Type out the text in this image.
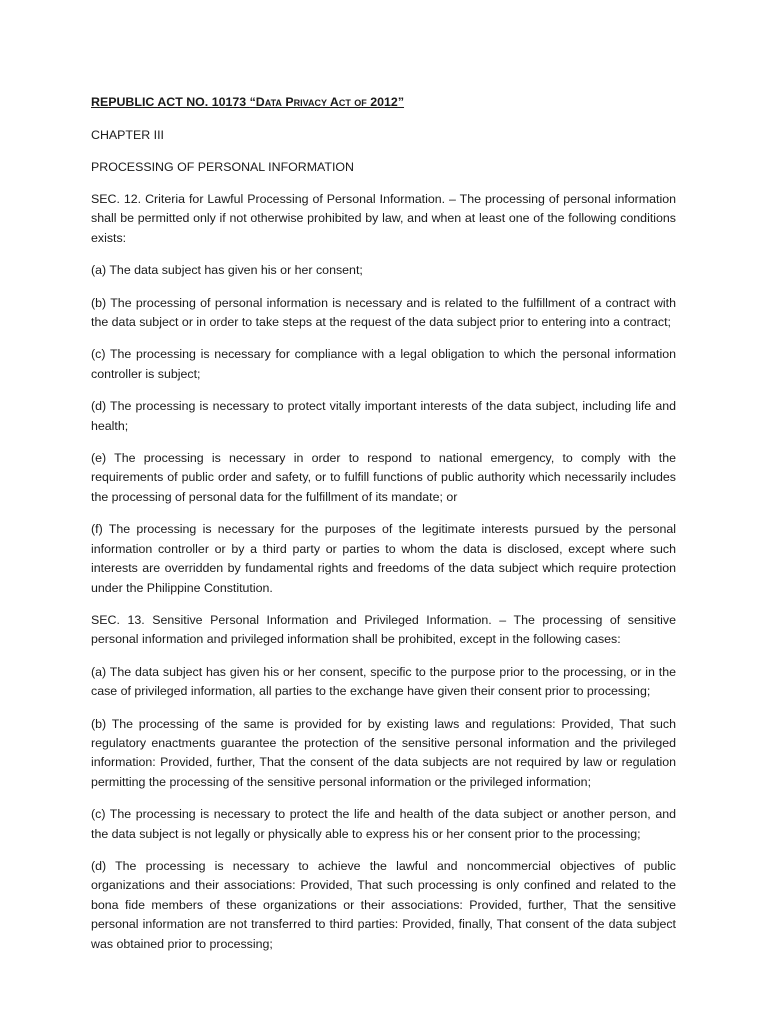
REPUBLIC ACT NO. 10173 “Data Privacy Act of 2012”

CHAPTER III

PROCESSING OF PERSONAL INFORMATION

SEC. 12. Criteria for Lawful Processing of Personal Information. – The processing of personal information shall be permitted only if not otherwise prohibited by law, and when at least one of the following conditions exists:

(a) The data subject has given his or her consent;

(b) The processing of personal information is necessary and is related to the fulfillment of a contract with the data subject or in order to take steps at the request of the data subject prior to entering into a contract;

(c) The processing is necessary for compliance with a legal obligation to which the personal information controller is subject;

(d) The processing is necessary to protect vitally important interests of the data subject, including life and health;

(e) The processing is necessary in order to respond to national emergency, to comply with the requirements of public order and safety, or to fulfill functions of public authority which necessarily includes the processing of personal data for the fulfillment of its mandate; or

(f) The processing is necessary for the purposes of the legitimate interests pursued by the personal information controller or by a third party or parties to whom the data is disclosed, except where such interests are overridden by fundamental rights and freedoms of the data subject which require protection under the Philippine Constitution.

SEC. 13. Sensitive Personal Information and Privileged Information. – The processing of sensitive personal information and privileged information shall be prohibited, except in the following cases:

(a) The data subject has given his or her consent, specific to the purpose prior to the processing, or in the case of privileged information, all parties to the exchange have given their consent prior to processing;

(b) The processing of the same is provided for by existing laws and regulations: Provided, That such regulatory enactments guarantee the protection of the sensitive personal information and the privileged information: Provided, further, That the consent of the data subjects are not required by law or regulation permitting the processing of the sensitive personal information or the privileged information;

(c) The processing is necessary to protect the life and health of the data subject or another person, and the data subject is not legally or physically able to express his or her consent prior to the processing;

(d) The processing is necessary to achieve the lawful and noncommercial objectives of public organizations and their associations: Provided, That such processing is only confined and related to the bona fide members of these organizations or their associations: Provided, further, That the sensitive personal information are not transferred to third parties: Provided, finally, That consent of the data subject was obtained prior to processing;
